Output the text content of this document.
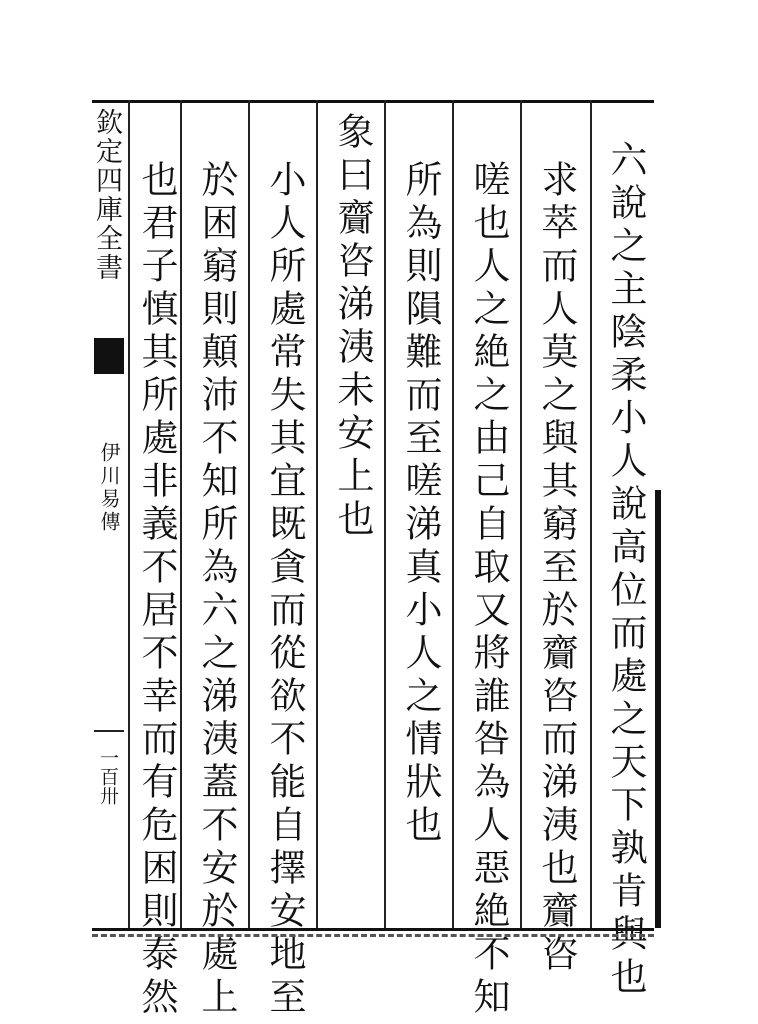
欽定四庫全書
伊川易傳
一百卅	六說之主陰柔小人說高位而處之天下孰肯與也
求萃而人莫之與其窮至於齎咨而涕洟也齎咨
嗟也人之絶之由己自取又將誰咎為人惡絶不知
所為則隕難而至嗟涕真小人之情狀也
象曰齎咨涕洟未安上也
小人所處常失其宜既貪而從欲不能自擇安地至
於困窮則顛沛不知所為六之涕洟蓋不安於處上
也君子慎其所處非義不居不幸而有危困則泰然
